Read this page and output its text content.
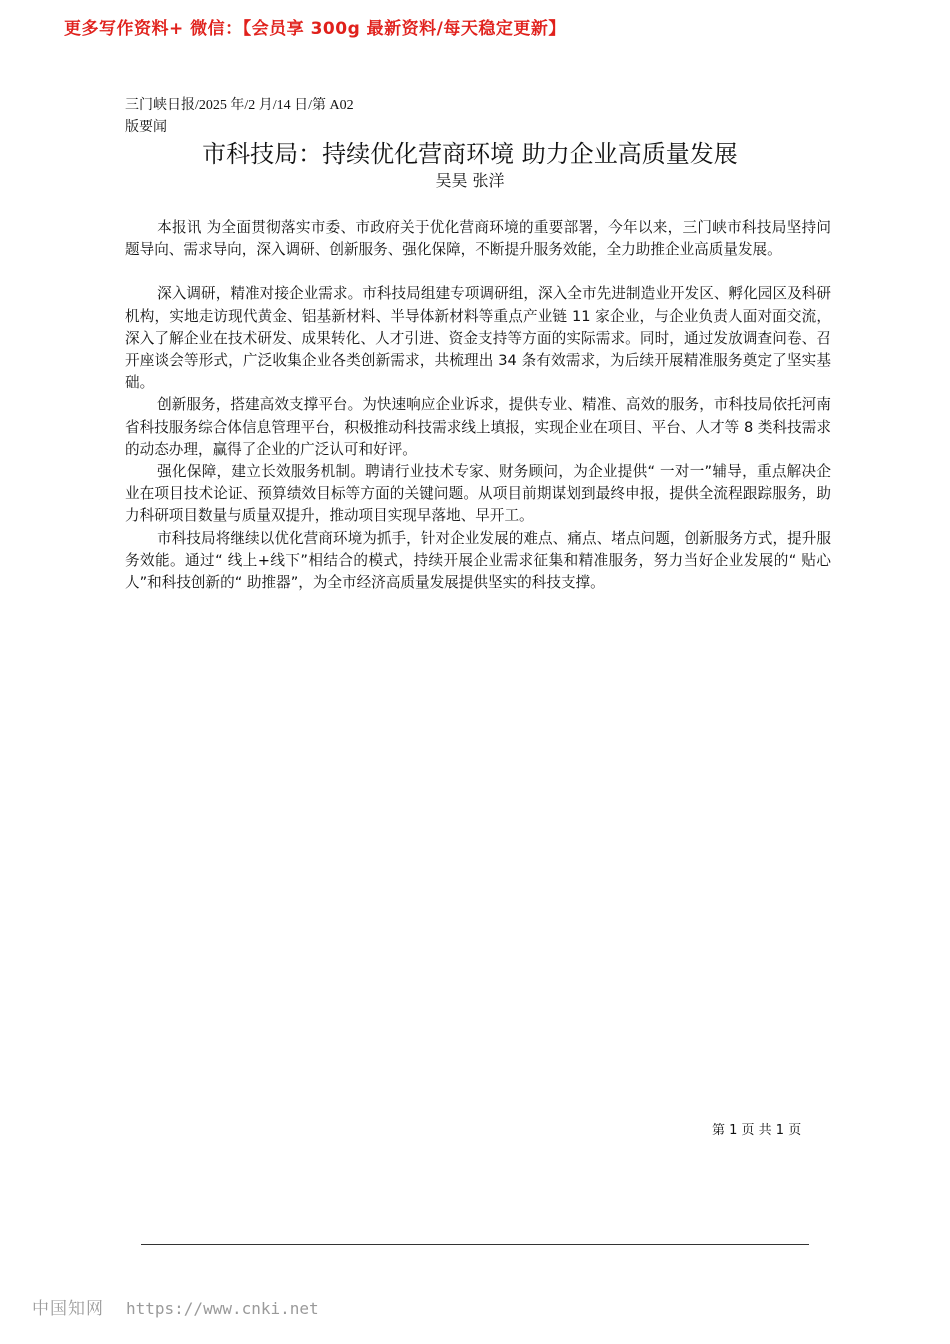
更多写作资料+ 微信：【会员享 300g 最新资料/每天稳定更新】
三门峡日报/2025 年/2 月/14 日/第 A02
版要闻
市科技局：持续优化营商环境 助力企业高质量发展
吴昊 张洋

本报讯 为全面贯彻落实市委、市政府关于优化营商环境的重要部署，今年以来，三门峡市科技局坚持问题导向、需求导向，深入调研、创新服务、强化保障，不断提升服务效能，全力助推企业高质量发展。

深入调研，精准对接企业需求。市科技局组建专项调研组，深入全市先进制造业开发区、孵化园区及科研机构，实地走访现代黄金、铝基新材料、半导体新材料等重点产业链 11 家企业，与企业负责人面对面交流，深入了解企业在技术研发、成果转化、人才引进、资金支持等方面的实际需求。同时，通过发放调查问卷、召开座谈会等形式，广泛收集企业各类创新需求，共梳理出 34 条有效需求，为后续开展精准服务奠定了坚实基础。

创新服务，搭建高效支撑平台。为快速响应企业诉求，提供专业、精准、高效的服务，市科技局依托河南省科技服务综合体信息管理平台，积极推动科技需求线上填报，实现企业在项目、平台、人才等 8 类科技需求的动态办理，赢得了企业的广泛认可和好评。

强化保障，建立长效服务机制。聘请行业技术专家、财务顾问，为企业提供“ 一对一”辅导，重点解决企业在项目技术论证、预算绩效目标等方面的关键问题。从项目前期谋划到最终申报，提供全流程跟踪服务，助力科研项目数量与质量双提升，推动项目实现早落地、早开工。

市科技局将继续以优化营商环境为抓手，针对企业发展的难点、痛点、堵点问题，创新服务方式，提升服务效能。通过“ 线上+线下”相结合的模式，持续开展企业需求征集和精准服务，努力当好企业发展的“ 贴心人”和科技创新的“ 助推器”，为全市经济高质量发展提供坚实的科技支撑。

第 1 页 共 1 页
中国知网 https://www.cnki.net
